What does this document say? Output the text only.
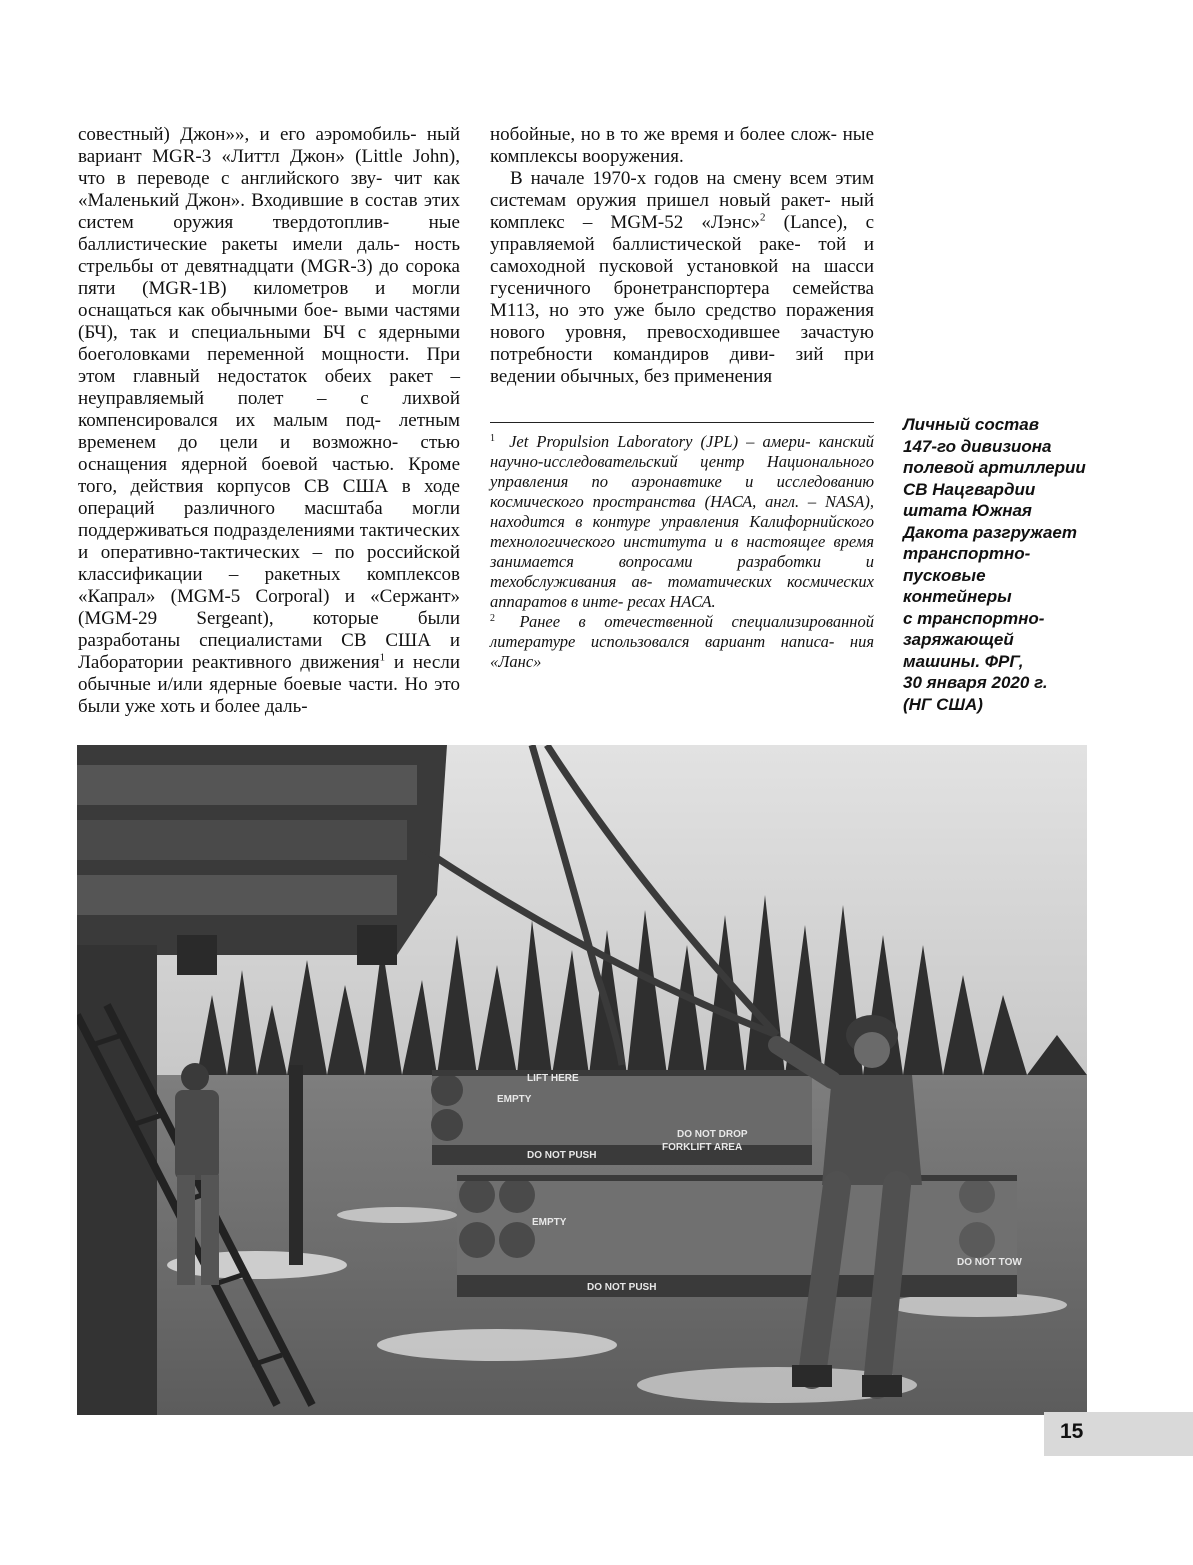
совестный) Джон»», и его аэромобиль- ный вариант MGR-3 «Литтл Джон» (Little John), что в переводе с английского зву- чит как «Маленький Джон». Входившие в состав этих систем оружия твердотоплив- ные баллистические ракеты имели даль- ность стрельбы от девятнадцати (MGR-3) до сорока пяти (MGR-1B) километров и могли оснащаться как обычными бое- выми частями (БЧ), так и специальными БЧ с ядерными боеголовками переменной мощности. При этом главный недостаток обеих ракет – неуправляемый полет – с лихвой компенсировался их малым под- летным временем до цели и возможно- стью оснащения ядерной боевой частью. Кроме того, действия корпусов СВ США в ходе операций различного масштаба могли поддерживаться подразделениями тактических и оперативно-тактических – по российской классификации – ракетных комплексов «Капрал» (MGM-5 Corporal) и «Сержант» (MGM-29 Sergeant), которые были разработаны специалистами СВ США и Лаборатории реактивного движения$^1$ и несли обычные и/или ядерные боевые части. Но это были уже хоть и более даль-

нобойные, но в то же время и более слож- ные комплексы вооружения.

В начале 1970-х годов на смену всем этим системам оружия пришел новый ракет- ный комплекс – MGM-52 «Лэнс»$^2$ (Lance), с управляемой баллистической раке- той и самоходной пусковой установкой на шасси гусеничного бронетранспортера семейства М113, но это уже было средство поражения нового уровня, превосходившее зачастую потребности командиров диви- зий при ведении обычных, без применения

$^1$ Jet Propulsion Laboratory (JPL) – амери- канский научно-исследовательский центр Национального управления по аэронавтике и исследованию космического пространства (НАСА, англ. – NASA), находится в контуре управления Калифорнийского технологического института и в настоящее время занимается	вопросами разработки и техобслуживания ав- томатических космических аппаратов в инте- ресах НАСА.

$^2$ Ранее в отечественной специализированной литературе использовался вариант написа- ния «Ланс»

Личный состав
147-го дивизиона
полевой артиллерии
СВ Нацгвардии
штата Южная
Дакота разгружает
транспортно-
пусковые
контейнеры
с транспортно-
заряжающей
машины. ФРГ,
30 января 2020 г.
(НГ США)
LIFT HERE
EMPTY
DO NOT DROP
DO NOT PUSH
FORKLIFT AREA
EMPTY
DO NOT PUSH
DO NOT TOW
15
